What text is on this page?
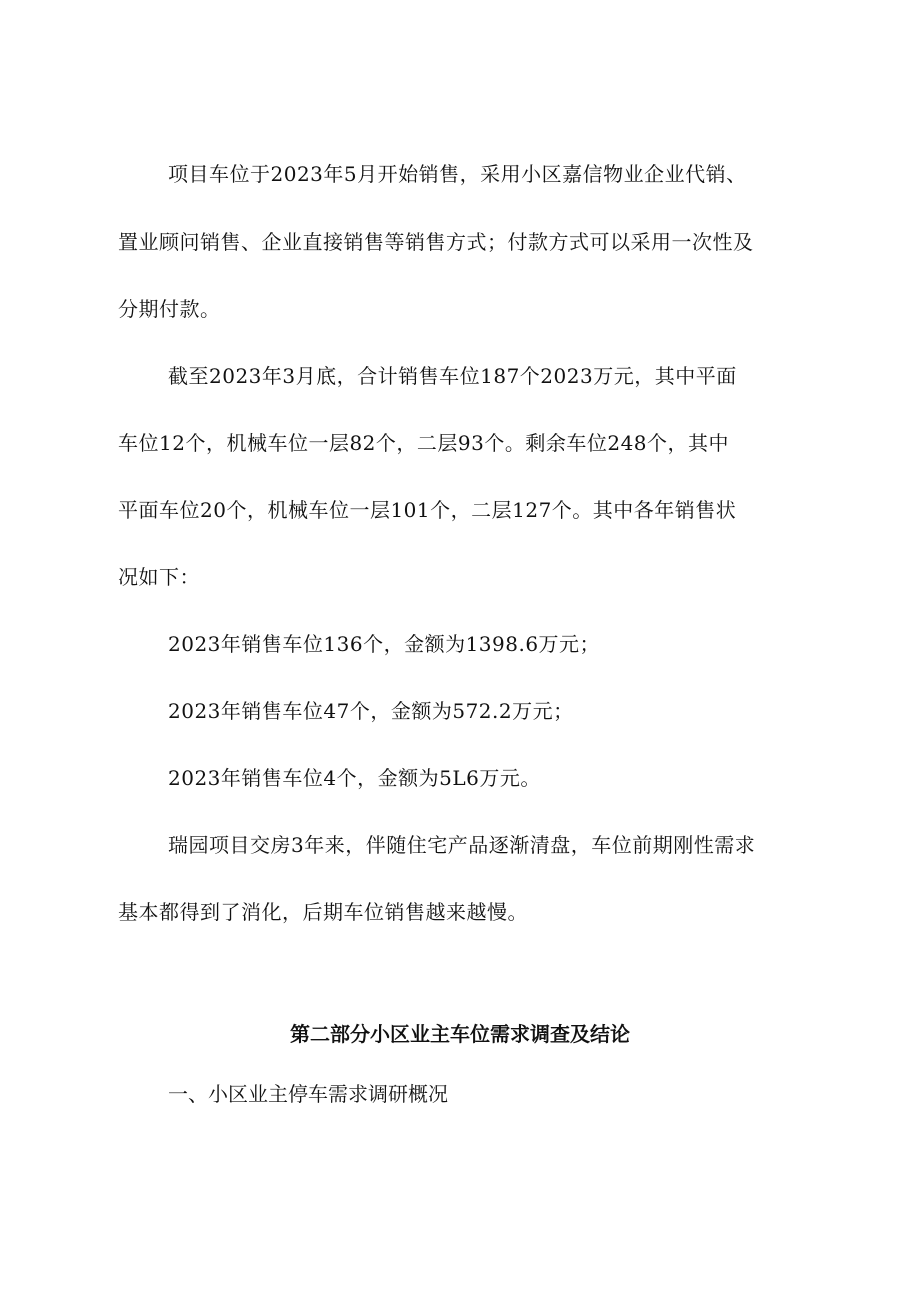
项目车位于2023年5月开始销售，采用小区嘉信物业企业代销、
置业顾问销售、企业直接销售等销售方式；付款方式可以采用一次性及
分期付款。
截至2023年3月底，合计销售车位187个2023万元，其中平面
车位12个，机械车位一层82个，二层93个。剩余车位248个，其中
平面车位20个，机械车位一层101个，二层127个。其中各年销售状
况如下：
2023年销售车位136个，金额为1398.6万元；
2023年销售车位47个，金额为572.2万元；
2023年销售车位4个，金额为5L6万元。
瑞园项目交房3年来，伴随住宅产品逐渐清盘，车位前期刚性需求
基本都得到了消化，后期车位销售越来越慢。
第二部分小区业主车位需求调查及结论
一、小区业主停车需求调研概况
